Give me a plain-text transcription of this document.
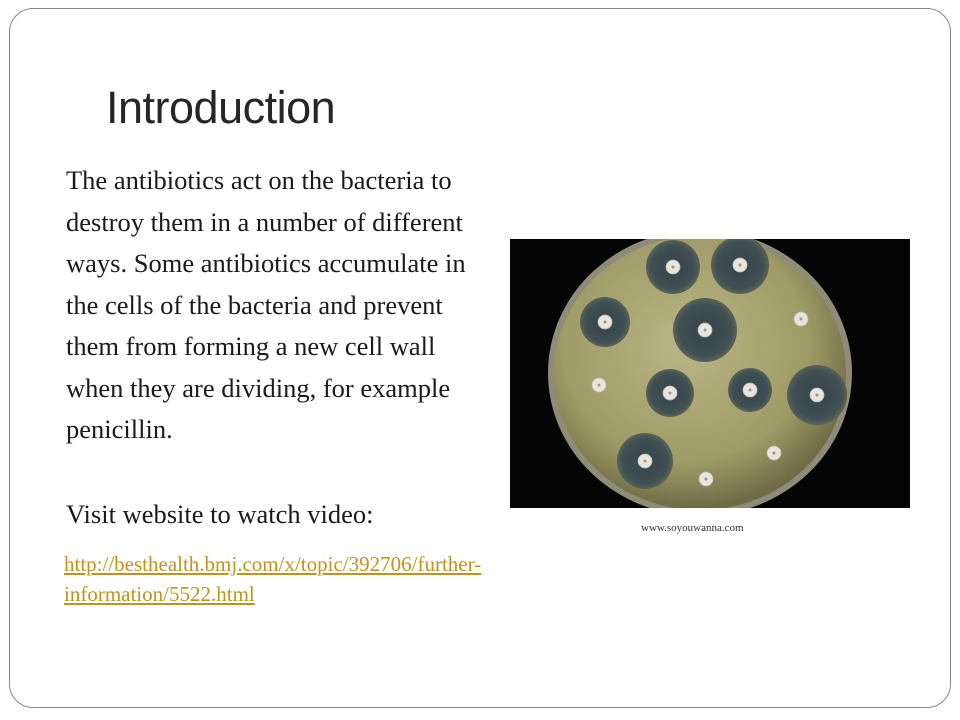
Introduction

The antibiotics act on the bacteria to destroy them in a number of different ways. Some antibiotics accumulate in the cells of the bacteria and prevent them from forming a new cell wall when they are dividing, for example penicillin.

Visit website to watch video:

http://besthealth.bmj.com/x/topic/392706/further-information/5522.html
www.soyouwanna.com
